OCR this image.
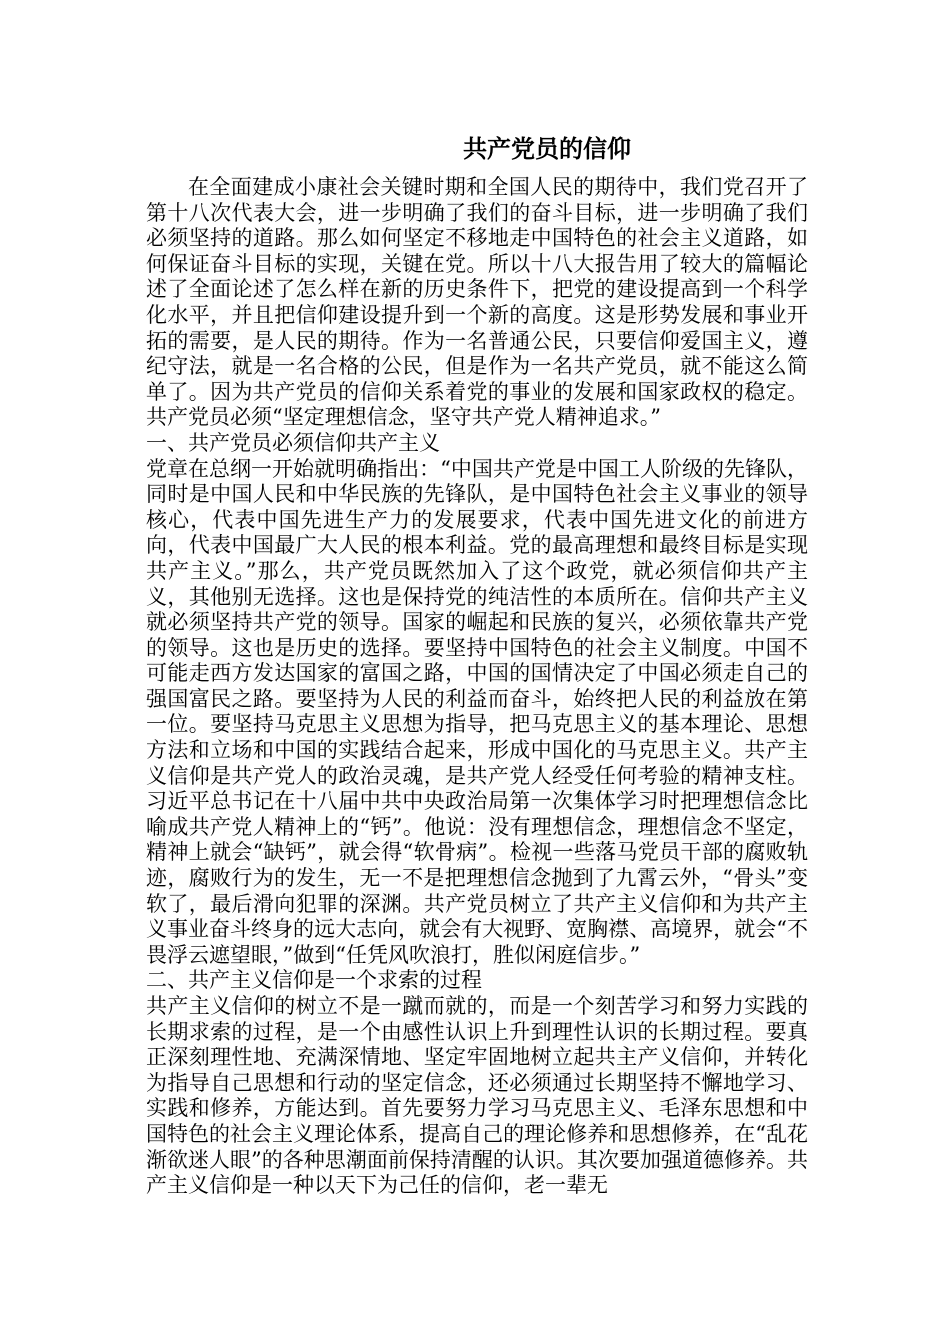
共产党员的信仰

在全面建成小康社会关键时期和全国人民的期待中，我们党召开了第十八次代表大会，进一步明确了我们的奋斗目标，进一步明确了我们必须坚持的道路。那么如何坚定不移地走中国特色的社会主义道路，如何保证奋斗目标的实现，关键在党。所以十八大报告用了较大的篇幅论述了全面论述了怎么样在新的历史条件下，把党的建设提高到一个科学化水平，并且把信仰建设提升到一个新的高度。这是形势发展和事业开拓的需要，是人民的期待。作为一名普通公民，只要信仰爱国主义，遵纪守法，就是一名合格的公民，但是作为一名共产党员，就不能这么简单了。因为共产党员的信仰关系着党的事业的发展和国家政权的稳定。共产党员必须“坚定理想信念，坚守共产党人精神追求。”

一、共产党员必须信仰共产主义

党章在总纲一开始就明确指出：“中国共产党是中国工人阶级的先锋队，同时是中国人民和中华民族的先锋队，是中国特色社会主义事业的领导核心，代表中国先进生产力的发展要求，代表中国先进文化的前进方向，代表中国最广大人民的根本利益。党的最高理想和最终目标是实现共产主义。”那么，共产党员既然加入了这个政党，就必须信仰共产主义，其他别无选择。这也是保持党的纯洁性的本质所在。信仰共产主义就必须坚持共产党的领导。国家的崛起和民族的复兴，必须依靠共产党的领导。这也是历史的选择。要坚持中国特色的社会主义制度。中国不可能走西方发达国家的富国之路，中国的国情决定了中国必须走自己的强国富民之路。要坚持为人民的利益而奋斗，始终把人民的利益放在第一位。要坚持马克思主义思想为指导，把马克思主义的基本理论、思想方法和立场和中国的实践结合起来，形成中国化的马克思主义。共产主义信仰是共产党人的政治灵魂，是共产党人经受任何考验的精神支柱。习近平总书记在十八届中共中央政治局第一次集体学习时把理想信念比喻成共产党人精神上的“钙”。他说：没有理想信念，理想信念不坚定，精神上就会“缺钙”，就会得“软骨病”。检视一些落马党员干部的腐败轨迹，腐败行为的发生，无一不是把理想信念抛到了九霄云外，“骨头”变软了，最后滑向犯罪的深渊。共产党员树立了共产主义信仰和为共产主义事业奋斗终身的远大志向，就会有大视野、宽胸襟、高境界，就会“不畏浮云遮望眼，”做到“任凭风吹浪打，胜似闲庭信步。”

二、共产主义信仰是一个求索的过程

共产主义信仰的树立不是一蹴而就的，而是一个刻苦学习和努力实践的长期求索的过程，是一个由感性认识上升到理性认识的长期过程。要真正深刻理性地、充满深情地、坚定牢固地树立起共主产义信仰，并转化为指导自己思想和行动的坚定信念，还必须通过长期坚持不懈地学习、实践和修养，方能达到。首先要努力学习马克思主义、毛泽东思想和中国特色的社会主义理论体系，提高自己的理论修养和思想修养，在“乱花渐欲迷人眼”的各种思潮面前保持清醒的认识。其次要加强道德修养。共产主义信仰是一种以天下为己任的信仰，老一辈无
